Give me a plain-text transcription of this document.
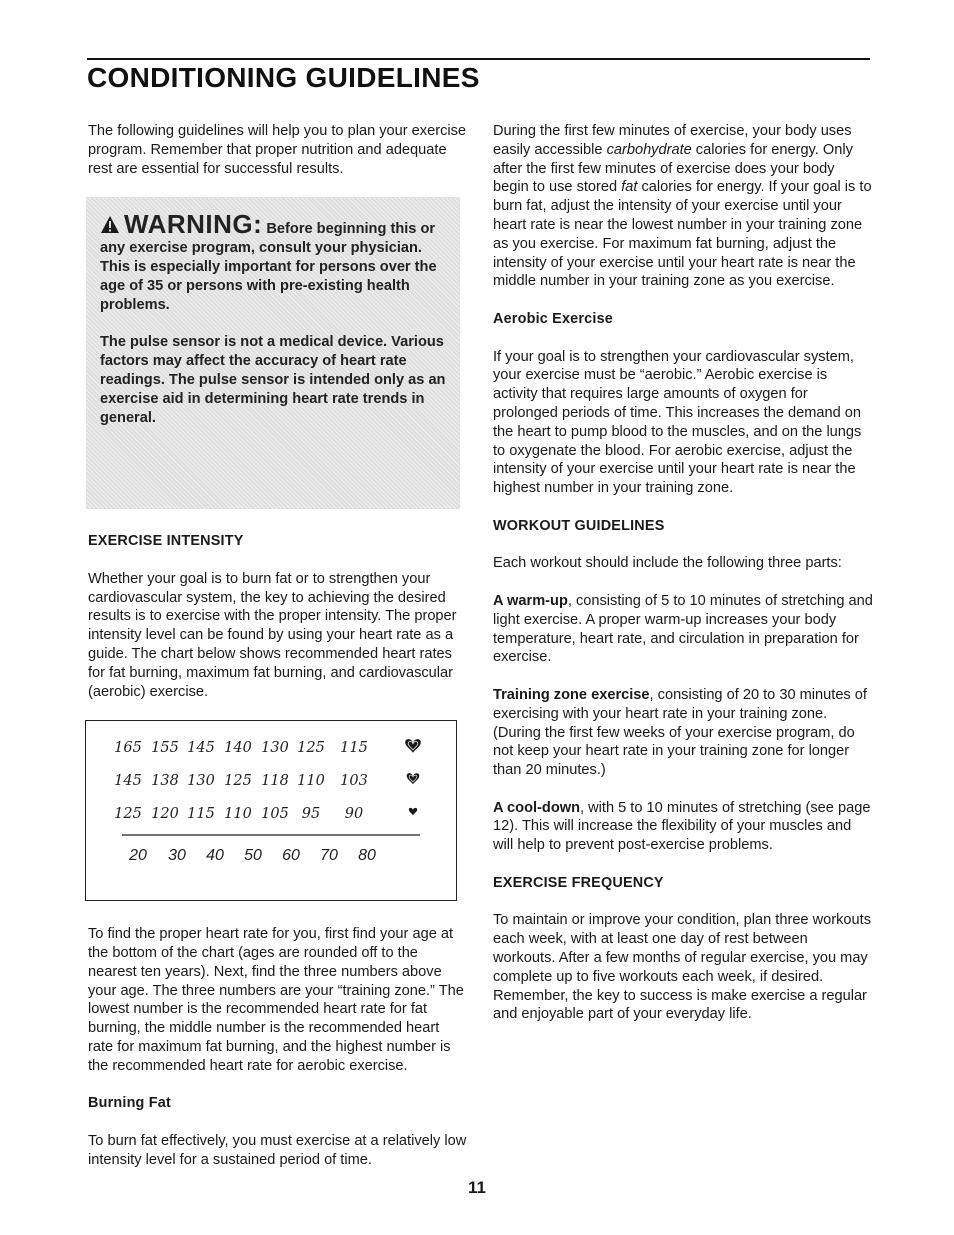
CONDITIONING GUIDELINES

The following guidelines will help you to plan your exercise program. Remember that proper nutrition and adequate rest are essential for successful results.

WARNING: Before beginning this or any exercise program, consult your physician. This is especially important for persons over the age of 35 or persons with pre-existing health problems.

The pulse sensor is not a medical device. Various factors may affect the accuracy of heart rate readings. The pulse sensor is intended only as an exercise aid in determining heart rate trends in general.

EXERCISE INTENSITY

Whether your goal is to burn fat or to strengthen your cardiovascular system, the key to achieving the desired results is to exercise with the proper intensity. The proper intensity level can be found by using your heart rate as a guide. The chart below shows recommended heart rates for fat burning, maximum fat burning, and cardiovascular (aerobic) exercise.

165 155 145 140 130 125 115
145 138 130 125 118 110 103
125 120 115 110 105 95 90
20 30 40 50 60 70 80

To find the proper heart rate for you, first find your age at the bottom of the chart (ages are rounded off to the nearest ten years). Next, find the three numbers above your age. The three numbers are your “training zone.” The lowest number is the recommended heart rate for fat burning, the middle number is the recommended heart rate for maximum fat burning, and the highest number is the recommended heart rate for aerobic exercise.

Burning Fat

To burn fat effectively, you must exercise at a relatively low intensity level for a sustained period of time.

During the first few minutes of exercise, your body uses easily accessible carbohydrate calories for energy. Only after the first few minutes of exercise does your body begin to use stored fat calories for energy. If your goal is to burn fat, adjust the intensity of your exercise until your heart rate is near the lowest number in your training zone as you exercise. For maximum fat burning, adjust the intensity of your exercise until your heart rate is near the middle number in your training zone as you exercise.

Aerobic Exercise

If your goal is to strengthen your cardiovascular system, your exercise must be “aerobic.” Aerobic exercise is activity that requires large amounts of oxygen for prolonged periods of time. This increases the demand on the heart to pump blood to the muscles, and on the lungs to oxygenate the blood. For aerobic exercise, adjust the intensity of your exercise until your heart rate is near the highest number in your training zone.

WORKOUT GUIDELINES

Each workout should include the following three parts:

A warm-up, consisting of 5 to 10 minutes of stretching and light exercise. A proper warm-up increases your body temperature, heart rate, and circulation in preparation for exercise.

Training zone exercise, consisting of 20 to 30 minutes of exercising with your heart rate in your training zone. (During the first few weeks of your exercise program, do not keep your heart rate in your training zone for longer than 20 minutes.)

A cool-down, with 5 to 10 minutes of stretching (see page 12). This will increase the flexibility of your muscles and will help to prevent post-exercise problems.

EXERCISE FREQUENCY

To maintain or improve your condition, plan three workouts each week, with at least one day of rest between workouts. After a few months of regular exercise, you may complete up to five workouts each week, if desired. Remember, the key to success is make exercise a regular and enjoyable part of your everyday life.

11
